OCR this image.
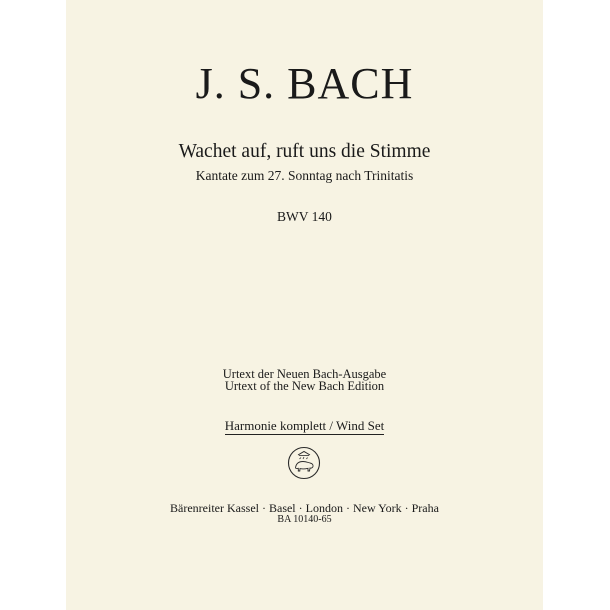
J. S. BACH
Wachet auf, ruft uns die Stimme
Kantate zum 27. Sonntag nach Trinitatis
BWV 140
Urtext der Neuen Bach-Ausgabe
Urtext of the New Bach Edition
Harmonie komplett / Wind Set
Bärenreiter Kassel · Basel · London · New York · Praha
BA 10140-65
